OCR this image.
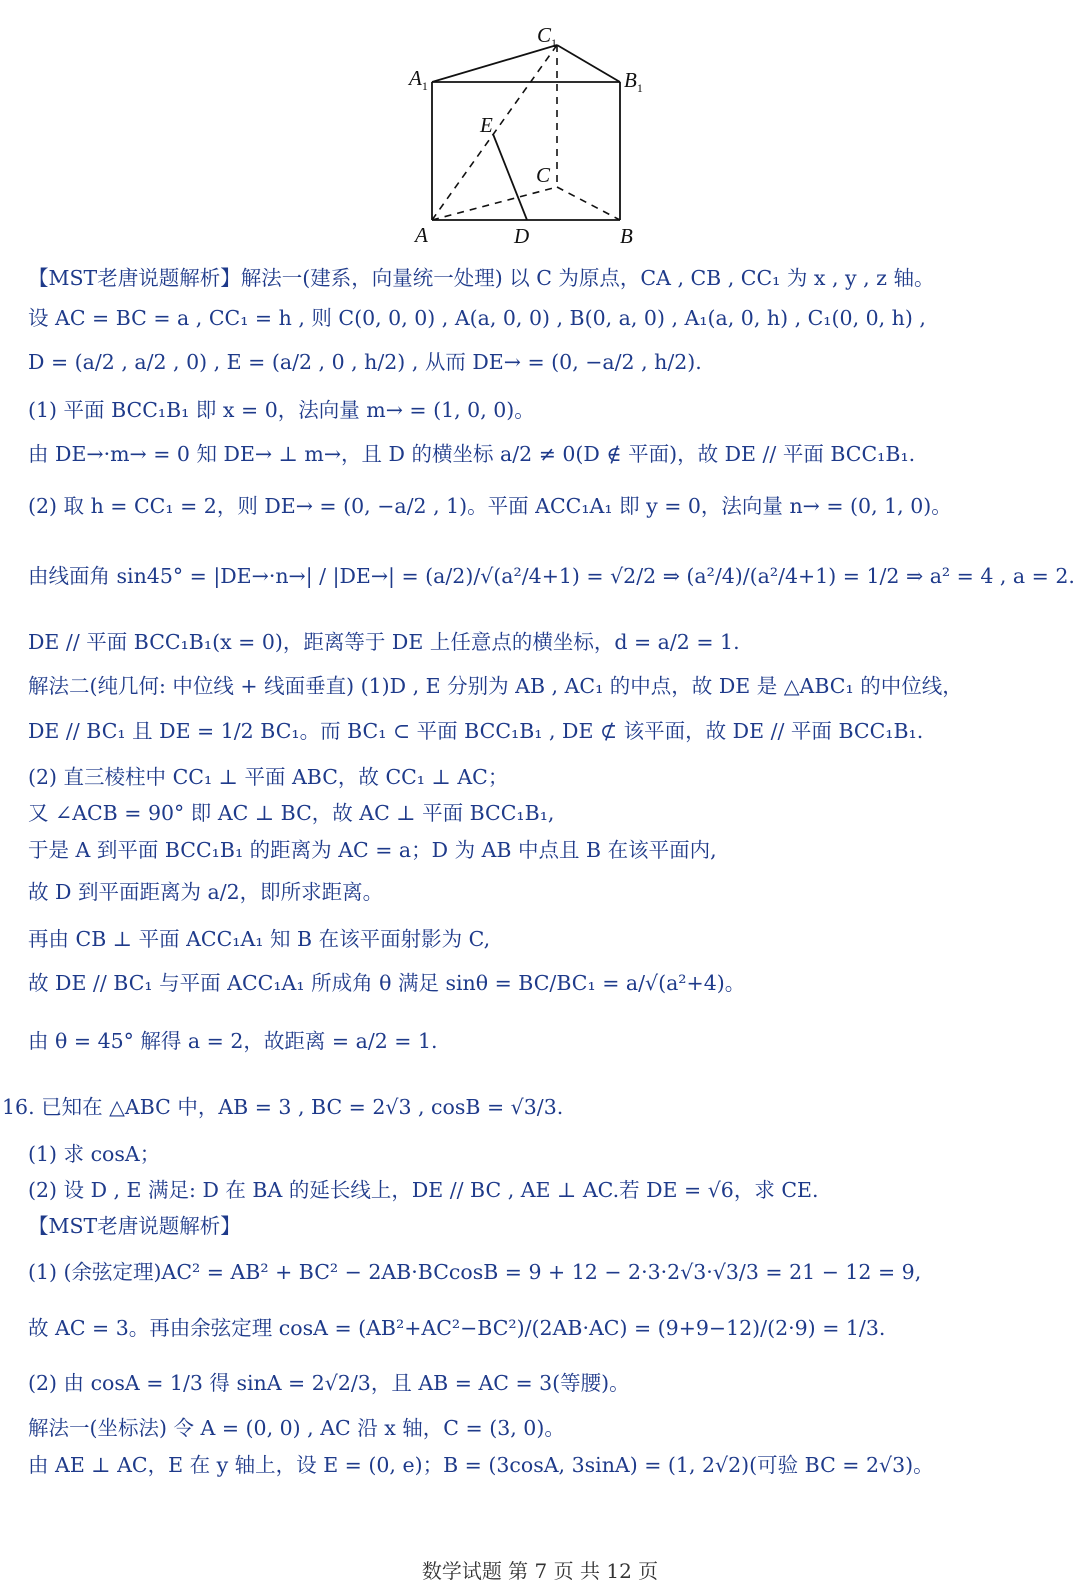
$C_1$
$A_1$	$B_1$
E
C
A	D	B
【MST老唐说题解析】解法一(建系，向量统一处理) 以 C 为原点，CA , CB , CC₁ 为 x , y , z 轴。
设 AC = BC = a , CC₁ = h , 则 C(0, 0, 0) , A(a, 0, 0) , B(0, a, 0) , A₁(a, 0, h) , C₁(0, 0, h) ,
D = (a/2 , a/2 , 0) , E = (a/2 , 0 , h/2) , 从而 DE→ = (0, −a/2 , h/2).
(1) 平面 BCC₁B₁ 即 x = 0，法向量 m→ = (1, 0, 0)。
由 DE→·m→ = 0 知 DE→ ⊥ m→，且 D 的横坐标 a/2 ≠ 0(D ∉ 平面)，故 DE // 平面 BCC₁B₁.
(2) 取 h = CC₁ = 2，则 DE→ = (0, −a/2 , 1)。平面 ACC₁A₁ 即 y = 0，法向量 n→ = (0, 1, 0)。
由线面角 sin45° = |DE→·n→| / |DE→| = (a/2)/√(a²/4+1) = √2/2 ⇒ (a²/4)/(a²/4+1) = 1/2 ⇒ a² = 4 , a = 2.
DE // 平面 BCC₁B₁(x = 0)，距离等于 DE 上任意点的横坐标，d = a/2 = 1.
解法二(纯几何: 中位线 + 线面垂直) (1)D , E 分别为 AB , AC₁ 的中点，故 DE 是 △ABC₁ 的中位线，
DE // BC₁ 且 DE = 1/2 BC₁。而 BC₁ ⊂ 平面 BCC₁B₁ , DE ⊄ 该平面，故 DE // 平面 BCC₁B₁.
(2) 直三棱柱中 CC₁ ⊥ 平面 ABC，故 CC₁ ⊥ AC；
又 ∠ACB = 90° 即 AC ⊥ BC，故 AC ⊥ 平面 BCC₁B₁,
于是 A 到平面 BCC₁B₁ 的距离为 AC = a；D 为 AB 中点且 B 在该平面内,
故 D 到平面距离为 a/2，即所求距离。
再由 CB ⊥ 平面 ACC₁A₁ 知 B 在该平面射影为 C,
故 DE // BC₁ 与平面 ACC₁A₁ 所成角 θ 满足 sinθ = BC/BC₁ = a/√(a²+4)。
由 θ = 45° 解得 a = 2，故距离 = a/2 = 1.
16. 已知在 △ABC 中，AB = 3 , BC = 2√3 , cosB = √3/3.
(1) 求 cosA；
(2) 设 D , E 满足: D 在 BA 的延长线上，DE // BC , AE ⊥ AC.若 DE = √6，求 CE.
【MST老唐说题解析】
(1) (余弦定理)AC² = AB² + BC² − 2AB·BCcosB = 9 + 12 − 2·3·2√3·√3/3 = 21 − 12 = 9,
故 AC = 3。再由余弦定理 cosA = (AB²+AC²−BC²)/(2AB·AC) = (9+9−12)/(2·9) = 1/3.
(2) 由 cosA = 1/3 得 sinA = 2√2/3，且 AB = AC = 3(等腰)。
解法一(坐标法) 令 A = (0, 0) , AC 沿 x 轴，C = (3, 0)。
由 AE ⊥ AC，E 在 y 轴上，设 E = (0, e)；B = (3cosA, 3sinA) = (1, 2√2)(可验 BC = 2√3)。
数学试题 第 7 页 共 12 页
